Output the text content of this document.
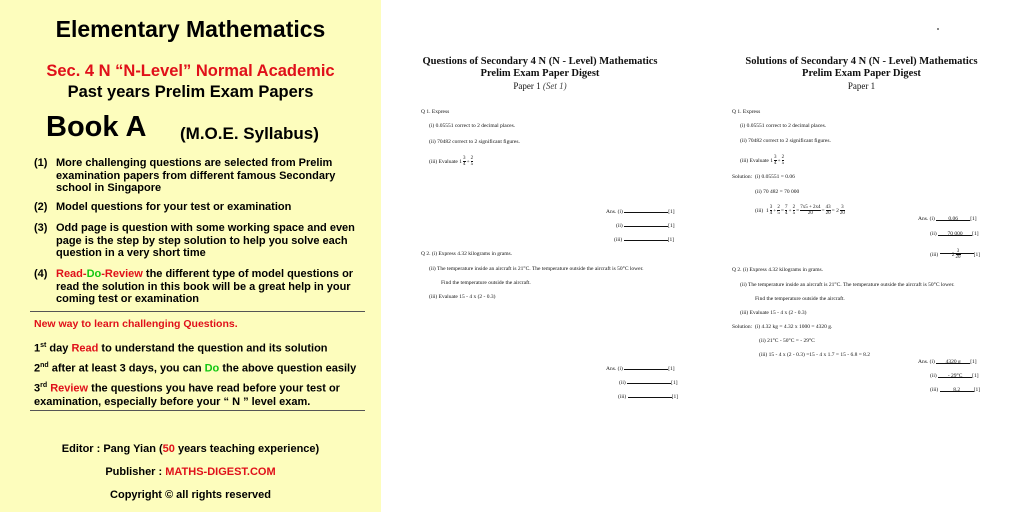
Elementary Mathematics
Sec. 4 N “N-Level” Normal Academic
Past years Prelim Exam Papers
Book A (M.O.E. Syllabus)
(1) More challenging questions are selected from Prelim examination papers from different famous Secondary school in Singapore
(2) Model questions for your test or examination
(3) Odd page is question with some working space and even page is the step by step solution to help you solve each question in a very short time
(4) Read-Do-Review the different type of model questions or read the solution in this book will be a great help in your coming test or examination
New way to learn challenging Questions.
1st day Read to understand the question and its solution
2nd after at least 3 days, you can Do the above question easily
3rd Review the questions you have read before your test or examination, especially before your “ N ” level exam.
Editor : Pang Yian (50 years teaching experience)
Publisher : MATHS-DIGEST.COM
Copyright © all rights reserved
Questions of Secondary 4 N (N - Level) Mathematics
Prelim Exam Paper Digest
Paper 1 (Set 1)
Q 1. Express
(i) 0.05551 correct to 2 decimal places.
(ii) 70482 correct to 2 significant figures.
(iii) Evaluate $1 \frac{3}{4} + \frac{2}{5}$
Ans. (i)	[1]
(ii)	[1]
(iii)	[1]
Q 2. (i) Express 4.32 kilograms in grams.
(ii) The temperature inside an aircraft is 21°C. The temperature outside the aircraft is 50°C lower.
Find the temperature outside the aircraft.
(iii) Evaluate 15 - 4 x (2 - 0.3)
Ans. (i)	[1]
(ii)	[1]
(iii)	[1]
Solutions of Secondary 4 N (N - Level) Mathematics
Prelim Exam Paper Digest
Paper 1
Q 1. Express
(i) 0.05551 correct to 2 decimal places.
(ii) 70482 correct to 2 significant figures.
(iii) Evaluate $1 \frac{3}{4} + \frac{2}{5}$
Solution: (i) 0.05551 = 0.06
(ii) 70 482 = 70 000
(iii)  $1 \frac{3}{4} + \frac{2}{5} = \frac{7}{4} + \frac{2}{5} = \frac{7x5 + 2x4}{20} = \frac{43}{20} = 2 \frac{3}{20}$
Ans. (i) 0.06 [1]
(ii) 70 000 [1]
(iii) $2 \frac{3}{20} [1]$
Q 2. (i) Express 4.32 kilograms in grams.
(ii) The temperature inside an aircraft is 21°C. The temperature outside the aircraft is 50°C lower.
Find the temperature outside the aircraft.
(iii) Evaluate 15 - 4 x (2 - 0.3)
Solution: (i) 4.32 kg = 4.32 x 1000 = 4320 g.
(ii) 21°C - 50°C = - 29°C
(iii) 15 - 4 x (2 - 0.3) =15 - 4 x 1.7 = 15 - 6.8 = 8.2
Ans. (i) 4320 g [1]
(ii) - 29°C [1]
(iii)	8.2 [1]
